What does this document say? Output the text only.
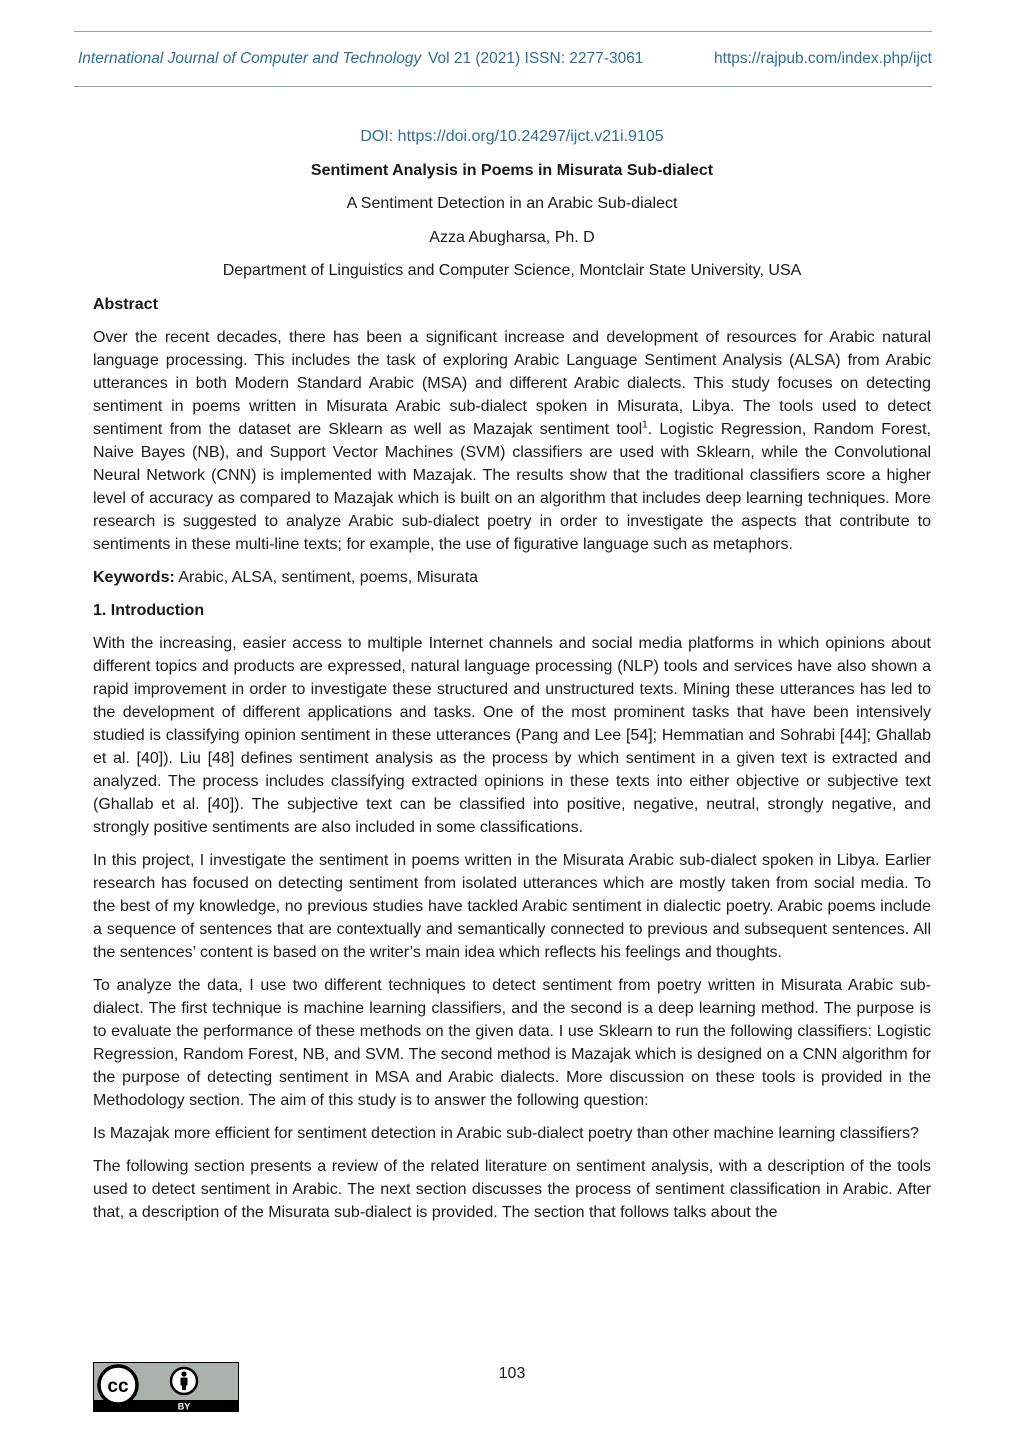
International Journal of Computer and Technology Vol 21 (2021) ISSN: 2277-3061	https://rajpub.com/index.php/ijct
DOI: https://doi.org/10.24297/ijct.v21i.9105
Sentiment Analysis in Poems in Misurata Sub-dialect
A Sentiment Detection in an Arabic Sub-dialect
Azza Abugharsa, Ph. D
Department of Linguistics and Computer Science, Montclair State University, USA
Abstract

Over the recent decades, there has been a significant increase and development of resources for Arabic natural language processing. This includes the task of exploring Arabic Language Sentiment Analysis (ALSA) from Arabic utterances in both Modern Standard Arabic (MSA) and different Arabic dialects. This study focuses on detecting sentiment in poems written in Misurata Arabic sub-dialect spoken in Misurata, Libya. The tools used to detect sentiment from the dataset are Sklearn as well as Mazajak sentiment tool$^1$. Logistic Regression, Random Forest, Naive Bayes (NB), and Support Vector Machines (SVM) classifiers are used with Sklearn, while the Convolutional Neural Network (CNN) is implemented with Mazajak. The results show that the traditional classifiers score a higher level of accuracy as compared to Mazajak which is built on an algorithm that includes deep learning techniques. More research is suggested to analyze Arabic sub-dialect poetry in order to investigate the aspects that contribute to sentiments in these multi-line texts; for example, the use of figurative language such as metaphors.

Keywords: Arabic, ALSA, sentiment, poems, Misurata

1. Introduction

With the increasing, easier access to multiple Internet channels and social media platforms in which opinions about different topics and products are expressed, natural language processing (NLP) tools and services have also shown a rapid improvement in order to investigate these structured and unstructured texts. Mining these utterances has led to the development of different applications and tasks. One of the most prominent tasks that have been intensively studied is classifying opinion sentiment in these utterances (Pang and Lee [54]; Hemmatian and Sohrabi [44]; Ghallab et al. [40]). Liu [48] defines sentiment analysis as the process by which sentiment in a given text is extracted and analyzed. The process includes classifying extracted opinions in these texts into either objective or subjective text (Ghallab et al. [40]). The subjective text can be classified into positive, negative, neutral, strongly negative, and strongly positive sentiments are also included in some classifications.

In this project, I investigate the sentiment in poems written in the Misurata Arabic sub-dialect spoken in Libya. Earlier research has focused on detecting sentiment from isolated utterances which are mostly taken from social media. To the best of my knowledge, no previous studies have tackled Arabic sentiment in dialectic poetry. Arabic poems include a sequence of sentences that are contextually and semantically connected to previous and subsequent sentences. All the sentences’ content is based on the writer’s main idea which reflects his feelings and thoughts.

To analyze the data, I use two different techniques to detect sentiment from poetry written in Misurata Arabic sub-dialect. The first technique is machine learning classifiers, and the second is a deep learning method. The purpose is to evaluate the performance of these methods on the given data. I use Sklearn to run the following classifiers: Logistic Regression, Random Forest, NB, and SVM. The second method is Mazajak which is designed on a CNN algorithm for the purpose of detecting sentiment in MSA and Arabic dialects. More discussion on these tools is provided in the Methodology section. The aim of this study is to answer the following question:

Is Mazajak more efficient for sentiment detection in Arabic sub-dialect poetry than other machine learning classifiers?

The following section presents a review of the related literature on sentiment analysis, with a description of the tools used to detect sentiment in Arabic. The next section discusses the process of sentiment classification in Arabic. After that, a description of the Misurata sub-dialect is provided. The section that follows talks about the

cc
BY
103
